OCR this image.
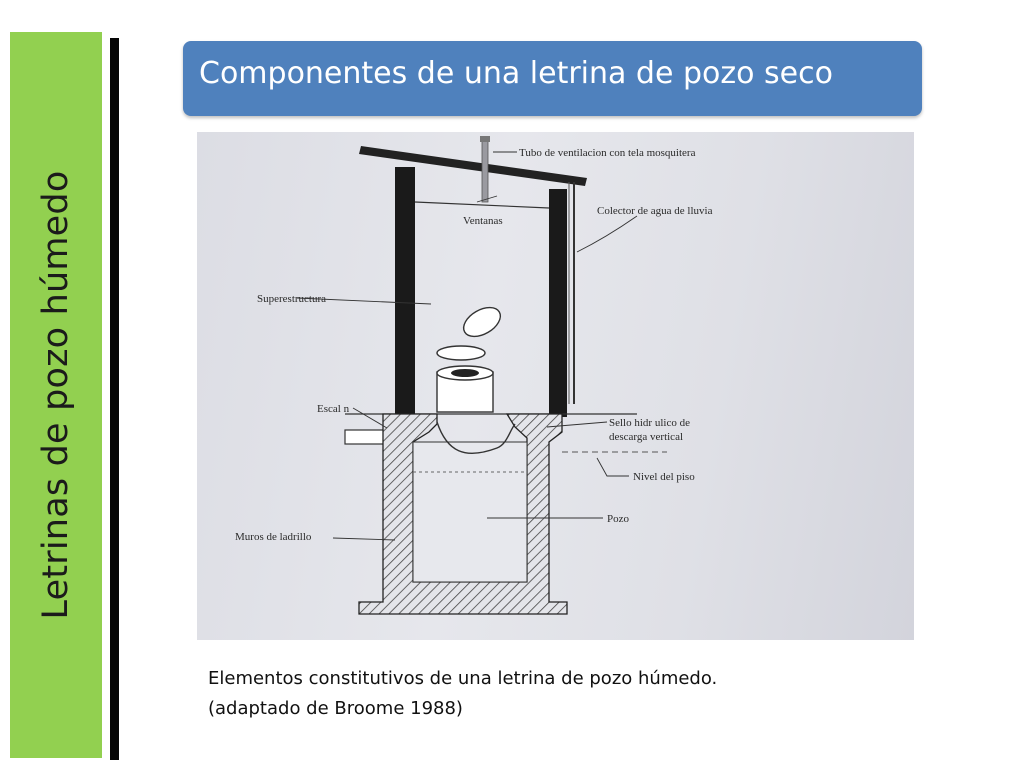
Letrinas de pozo húmedo
Componentes de una letrina de pozo seco
Tubo de ventilacion con tela mosquitera
Ventanas
Colector de agua de lluvia
Superestructura
Escal n
Sello hidr ulico de
descarga vertical
Nivel del piso
Pozo
Muros de ladrillo
Elementos constitutivos de una letrina de pozo húmedo.
(adaptado de Broome 1988)
